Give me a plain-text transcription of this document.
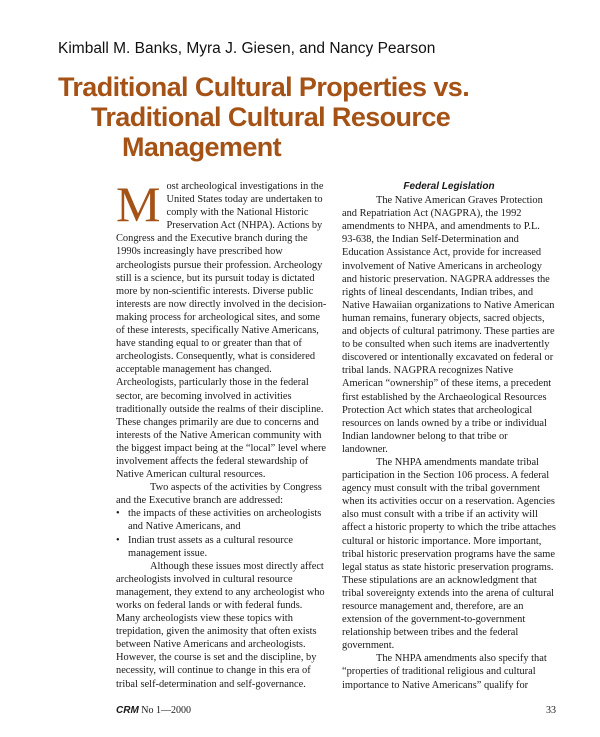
Kimball M. Banks, Myra J. Giesen, and Nancy Pearson
Traditional Cultural Properties vs.
Traditional Cultural Resource
Management

Most archeological investigations in the United States today are undertaken to comply with the National Historic Preservation Act (NHPA). Actions by Congress and the Executive branch during the 1990s increasingly have prescribed how archeologists pursue their profession. Archeology still is a science, but its pursuit today is dictated more by non-scientific interests. Diverse public interests are now directly involved in the decision-making process for archeological sites, and some of these interests, specifically Native Americans, have standing equal to or greater than that of archeologists. Consequently, what is considered acceptable management has changed. Archeologists, particularly those in the federal sector, are becoming involved in activities traditionally outside the realms of their discipline. These changes primarily are due to concerns and interests of the Native American community with the biggest impact being at the “local” level where involvement affects the federal stewardship of Native American cultural resources.

Two aspects of the activities by Congress and the Executive branch are addressed:

• the impacts of these activities on archeologists and Native Americans, and
• Indian trust assets as a cultural resource management issue.

Although these issues most directly affect archeologists involved in cultural resource management, they extend to any archeologist who works on federal lands or with federal funds. Many archeologists view these topics with trepidation, given the animosity that often exists between Native Americans and archeologists. However, the course is set and the discipline, by necessity, will continue to change in this era of tribal self-determination and self-governance.

Federal Legislation

The Native American Graves Protection and Repatriation Act (NAGPRA), the 1992 amendments to NHPA, and amendments to P.L. 93-638, the Indian Self-Determination and Education Assistance Act, provide for increased involvement of Native Americans in archeology and historic preservation. NAGPRA addresses the rights of lineal descendants, Indian tribes, and Native Hawaiian organizations to Native American human remains, funerary objects, sacred objects, and objects of cultural patrimony. These parties are to be consulted when such items are inadvertently discovered or intentionally excavated on federal or tribal lands. NAGPRA recognizes Native American “ownership” of these items, a precedent first established by the Archaeological Resources Protection Act which states that archeological resources on lands owned by a tribe or individual Indian landowner belong to that tribe or landowner.

The NHPA amendments mandate tribal participation in the Section 106 process. A federal agency must consult with the tribal government when its activities occur on a reservation. Agencies also must consult with a tribe if an activity will affect a historic property to which the tribe attaches cultural or historic importance. More important, tribal historic preservation programs have the same legal status as state historic preservation programs. These stipulations are an acknowledgment that tribal sovereignty extends into the arena of cultural resource management and, therefore, are an extension of the government-to-government relationship between tribes and the federal government.

The NHPA amendments also specify that “properties of traditional religious and cultural importance to Native Americans” qualify for

CRM No 1—2000	33
